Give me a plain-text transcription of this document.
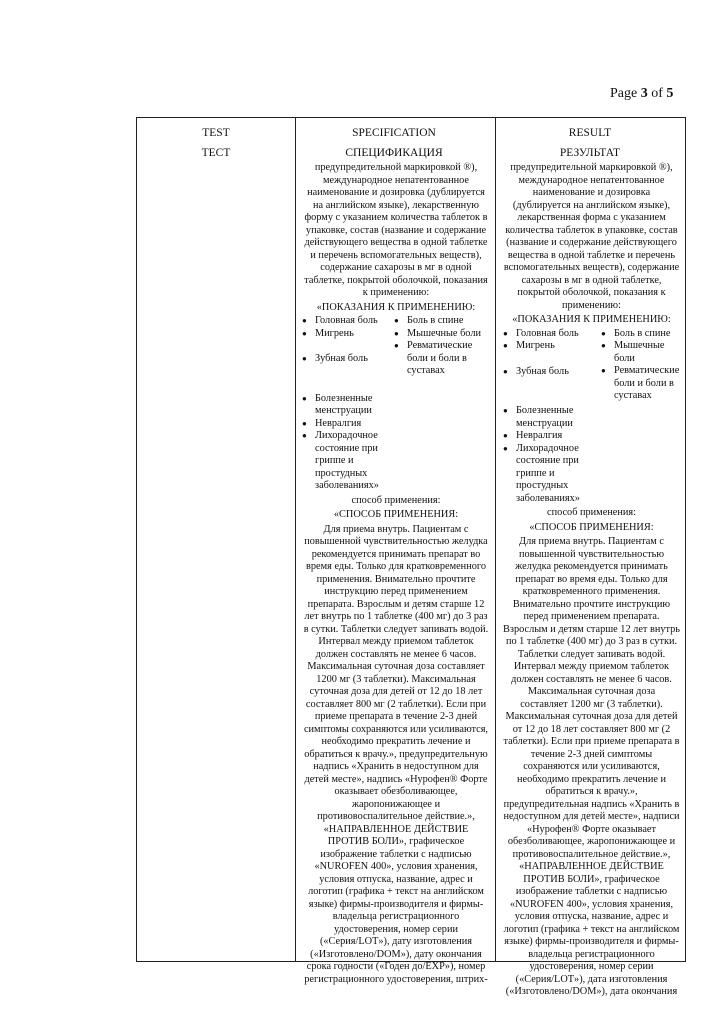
Page 3 of 5
TEST
ТЕСТ
SPECIFICATION
СПЕЦИФИКАЦИЯ
RESULT
РЕЗУЛЬТАТ

предупредительной маркировкой ®), международное непатентованное наименование и дозировка (дублируется на английском языке), лекарственную форму с указанием количества таблеток в упаковке, состав (название и содержание действующего вещества в одной таблетке и перечень вспомогательных веществ), содержание сахарозы в мг в одной таблетке, покрытой оболочкой, показания к применению:

«ПОКАЗАНИЯ К ПРИМЕНЕНИЮ:

● Головная боль
● Мигрень
● Зубная боль
● Болезненные менструации
● Невралгия
● Лихорадочное состояние при гриппе и простудных заболеваниях»
● Боль в спине
● Мышечные боли
● Ревматические боли и боли в суставах

способ применения:

«СПОСОБ ПРИМЕНЕНИЯ:

Для приема внутрь. Пациентам с повышенной чувствительностью желудка рекомендуется принимать препарат во время еды. Только для кратковременного применения. Внимательно прочтите инструкцию перед применением препарата. Взрослым и детям старше 12 лет внутрь по 1 таблетке (400 мг) до 3 раз в сутки. Таблетки следует запивать водой. Интервал между приемом таблеток должен составлять не менее 6 часов. Максимальная суточная доза составляет 1200 мг (3 таблетки). Максимальная суточная доза для детей от 12 до 18 лет составляет 800 мг (2 таблетки). Если при приеме препарата в течение 2-3 дней симптомы сохраняются или усиливаются, необходимо прекратить лечение и обратиться к врачу.», предупредительную надпись «Хранить в недоступном для детей месте», надпись «Нурофен® Форте оказывает обезболивающее, жаропонижающее и противовоспалительное действие.», «НАПРАВЛЕННОЕ ДЕЙСТВИЕ ПРОТИВ БОЛИ», графическое изображение таблетки с надписью «NUROFEN 400», условия хранения, условия отпуска, название, адрес и логотип (графика + текст на английском языке) фирмы-производителя и фирмы-владельца регистрационного удостоверения, номер серии («Серия/LOT»), дату изготовления («Изготовлено/DOM»), дату окончания срока годности («Годен до/EXP»), номер регистрационного удостоверения, штрих-

предупредительной маркировкой ®), международное непатентованное наименование и дозировка (дублируется на английском языке), лекарственная форма с указанием количества таблеток в упаковке, состав (название и содержание действующего вещества в одной таблетке и перечень вспомогательных веществ), содержание сахарозы в мг в одной таблетке, покрытой оболочкой, показания к применению:

«ПОКАЗАНИЯ К ПРИМЕНЕНИЮ:

● Головная боль
● Мигрень
● Зубная боль
● Болезненные менструации
● Невралгия
● Лихорадочное состояние при гриппе и простудных заболеваниях»
● Боль в спине
● Мышечные боли
● Ревматические боли и боли в суставах

способ применения:

«СПОСОБ ПРИМЕНЕНИЯ:

Для приема внутрь. Пациентам с повышенной чувствительностью желудка рекомендуется принимать препарат во время еды. Только для кратковременного применения. Внимательно прочтите инструкцию перед применением препарата. Взрослым и детям старше 12 лет внутрь по 1 таблетке (400 мг) до 3 раз в сутки. Таблетки следует запивать водой. Интервал между приемом таблеток должен составлять не менее 6 часов. Максимальная суточная доза составляет 1200 мг (3 таблетки). Максимальная суточная доза для детей от 12 до 18 лет составляет 800 мг (2 таблетки). Если при приеме препарата в течение 2-3 дней симптомы сохраняются или усиливаются, необходимо прекратить лечение и обратиться к врачу.», предупредительная надпись «Хранить в недоступном для детей месте», надписи «Нурофен® Форте оказывает обезболивающее, жаропонижающее и противовоспалительное действие.», «НАПРАВЛЕННОЕ ДЕЙСТВИЕ ПРОТИВ БОЛИ», графическое изображение таблетки с надписью «NUROFEN 400», условия хранения, условия отпуска, название, адрес и логотип (графика + текст на английском языке) фирмы-производителя и фирмы-владельца регистрационного удостоверения, номер серии («Серия/LOT»), дата изготовления («Изготовлено/DOM»), дата окончания
